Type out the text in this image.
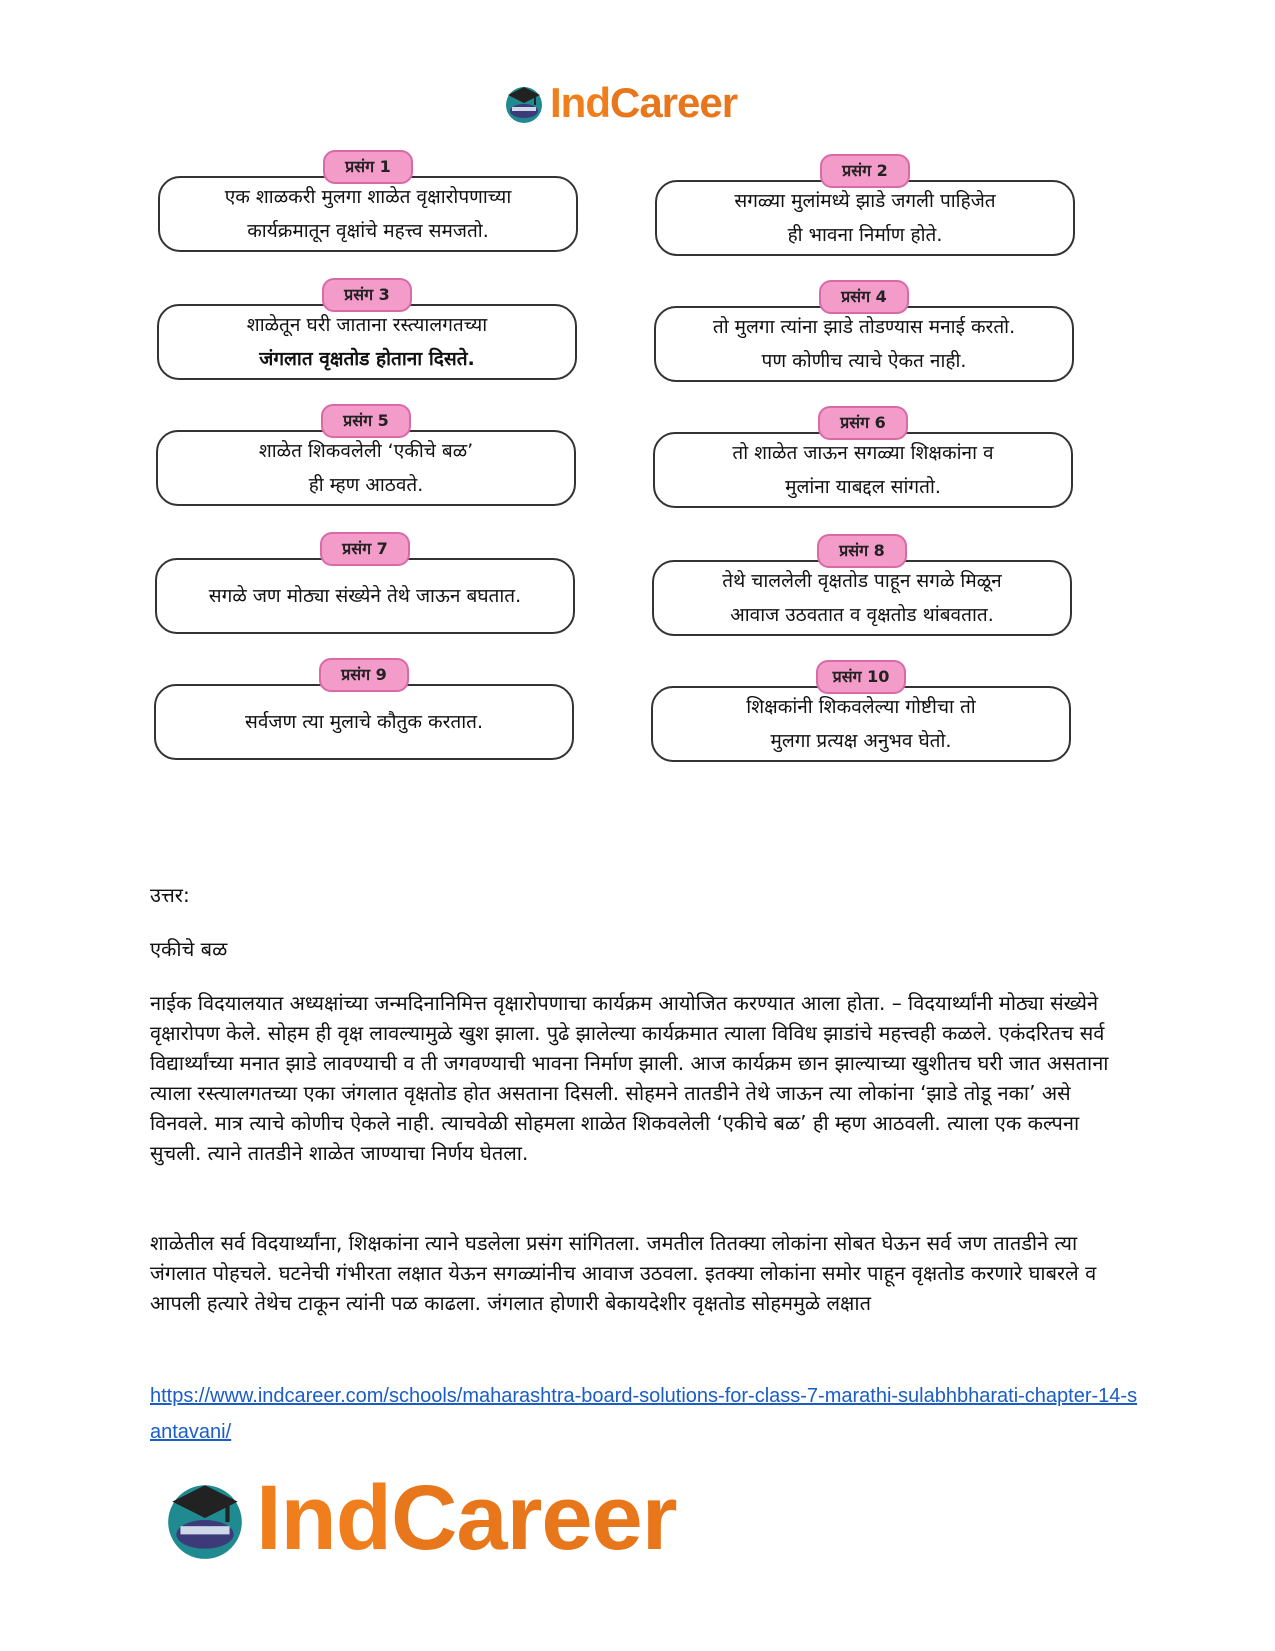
IndCareer
प्रसंग 1
एक शाळकरी मुलगा शाळेत वृक्षारोपणाच्या
कार्यक्रमातून वृक्षांचे महत्त्व समजतो.
प्रसंग 2
सगळ्या मुलांमध्ये झाडे जगली पाहिजेत
ही भावना निर्माण होते.
प्रसंग 3
शाळेतून घरी जाताना रस्त्यालगतच्या
जंगलात वृक्षतोड होताना दिसते.
प्रसंग 4
तो मुलगा त्यांना झाडे तोडण्यास मनाई करतो.
पण कोणीच त्याचे ऐकत नाही.
प्रसंग 5
शाळेत शिकवलेली ‘एकीचे बळ’
ही म्हण आठवते.
प्रसंग 6
तो शाळेत जाऊन सगळ्या शिक्षकांना व
मुलांना याबद्दल सांगतो.
प्रसंग 7
सगळे जण मोठ्या संख्येने तेथे जाऊन बघतात.
प्रसंग 8
तेथे चाललेली वृक्षतोड पाहून सगळे मिळून
आवाज उठवतात व वृक्षतोड थांबवतात.
प्रसंग 9
सर्वजण त्या मुलाचे कौतुक करतात.
प्रसंग 10
शिक्षकांनी शिकवलेल्या गोष्टीचा तो
मुलगा प्रत्यक्ष अनुभव घेतो.
उत्तर:
एकीचे बळ

नाईक विदयालयात अध्यक्षांच्या जन्मदिनानिमित्त वृक्षारोपणाचा कार्यक्रम आयोजित करण्यात आला होता. – विदयार्थ्यांनी मोठ्या संख्येने वृक्षारोपण केले. सोहम ही वृक्ष लावल्यामुळे खुश झाला. पुढे झालेल्या कार्यक्रमात त्याला विविध झाडांचे महत्त्वही कळले. एकंदरितच सर्व विद्यार्थ्यांच्या मनात झाडे लावण्याची व ती जगवण्याची भावना निर्माण झाली. आज कार्यक्रम छान झाल्याच्या खुशीतच घरी जात असताना त्याला रस्त्यालगतच्या एका जंगलात वृक्षतोड होत असताना दिसली. सोहमने तातडीने तेथे जाऊन त्या लोकांना ‘झाडे तोडू नका’ असे विनवले. मात्र त्याचे कोणीच ऐकले नाही. त्याचवेळी सोहमला शाळेत शिकवलेली ‘एकीचे बळ’ ही म्हण आठवली. त्याला एक कल्पना सुचली. त्याने तातडीने शाळेत जाण्याचा निर्णय घेतला.

शाळेतील सर्व विदयार्थ्यांना, शिक्षकांना त्याने घडलेला प्रसंग सांगितला. जमतील तितक्या लोकांना सोबत घेऊन सर्व जण तातडीने त्या जंगलात पोहचले. घटनेची गंभीरता लक्षात येऊन सगळ्यांनीच आवाज उठवला. इतक्या लोकांना समोर पाहून वृक्षतोड करणारे घाबरले व आपली हत्यारे तेथेच टाकून त्यांनी पळ काढला. जंगलात होणारी बेकायदेशीर वृक्षतोड सोहममुळे लक्षात

https://www.indcareer.com/schools/maharashtra-board-solutions-for-class-7-marathi-sulabhbharati-chapter-14-santavani/
IndCareer
